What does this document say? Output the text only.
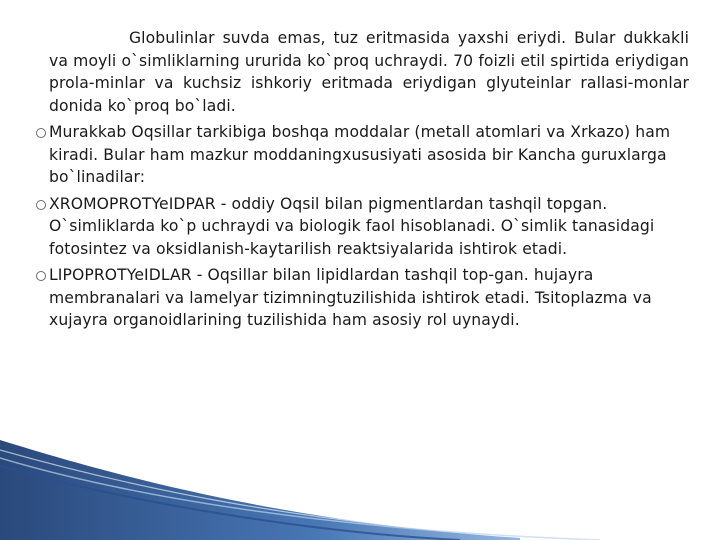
Globulinlar suvda emas, tuz eritmasida yaxshi eriydi. Bular dukkakli va moyli o`simliklarning ururida ko`proq uchraydi. 70 foizli etil spirtida eriydigan prola-minlar va kuchsiz ishkoriy eritmada eriydigan glyuteinlar rallasi-monlar donida ko`proq bo`ladi.

Murakkab Oqsillar tarkibiga boshqa moddalar (metall atomlari va Xrkazo) ham kiradi. Bular ham mazkur moddaningxususiyati asosida bir Kancha guruxlarga bo`linadilar:

XROMOPROTYeIDPAR - oddiy Oqsil bilan pigmentlardan tashqil topgan. O`simliklarda ko`p uchraydi va biologik faol hisoblanadi. O`simlik tanasidagi fotosintez va oksidlanish-kaytarilish reaktsiyalarida ishtirok etadi.

LIPOPROTYeIDLAR - Oqsillar bilan lipidlardan tashqil top-gan. hujayra membranalari va lamelyar tizimningtuzilishida ishtirok etadi. Tsitoplazma va xujayra organoidlarining tuzilishida ham asosiy rol uynaydi.
